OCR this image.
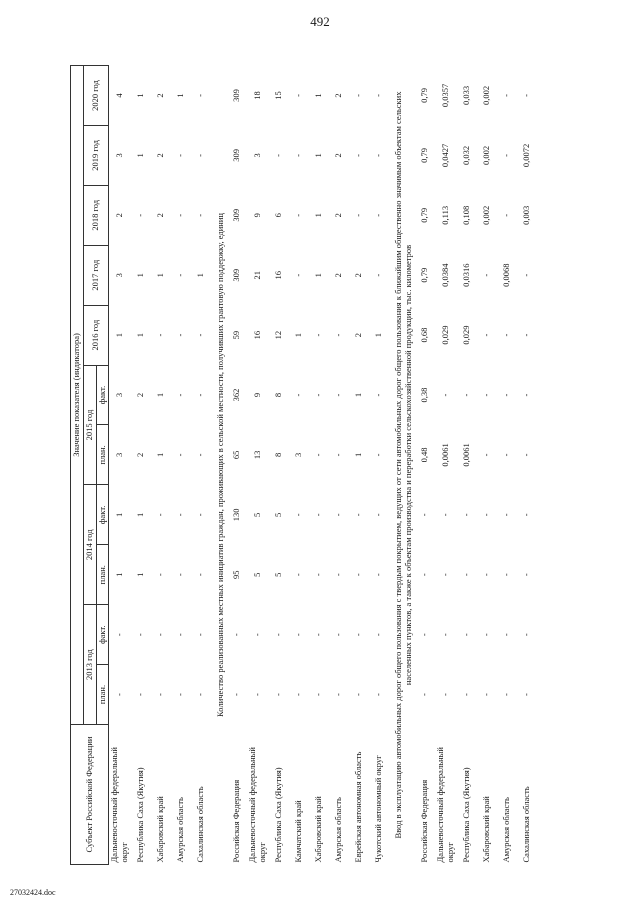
492
Субъект Российской Федерации	Значение показателя (индикатора)										
	2013 год		2014 год		2015 год		2016 год	2017 год	2018 год	2019 год	2020 год
	план.	факт.	план.	факт.	план.	факт.					
Дальневосточный федеральный округ	-	-	1	1	3	3	1	3	2	3	4
Республика Саха (Якутия)	-	-	1	1	2	2	1	1	-	1	1
Хабаровский край	-	-	-	-	1	1	-	1	2	2	2
Амурская область	-	-	-	-	-	-	-	-	-	-	1
Сахалинская область	-	-	-	-	-	-	-	1	-	-	-
Количество реализованных местных инициатив граждан, проживающих в сельской местности, получивших грантовую поддержку, единиц											
Российская Федерация	-	-	95	130	65	362	59	309	309	309	309
Дальневосточный федеральный округ	-	-	5	5	13	9	16	21	9	3	18
Республика Саха (Якутия)	-	-	5	5	8	8	12	16	6	-	15
Камчатский край	-	-	-	-	3	-	1	-	-	-	-
Хабаровский край	-	-	-	-	-	-	-	1	1	1	1
Амурская область	-	-	-	-	-	-	-	2	2	2	2
Еврейская автономная область	-	-	-	-	1	1	2	2	-	-	-
Чукотский автономный округ	-	-	-	-	-	-	1	-	-	-	-
Ввод в эксплуатацию автомобильных дорог общего пользования с твердым покрытием, ведущих от сети автомобильных дорог общего пользования к ближайшим общественно значимым объектам сельских населенных пунктов, а также к объектам производства и переработки сельскохозяйственной продукции, тыс. километров											
Российская Федерация	-	-	-	-	0,48	0,38	0,68	0,79	0,79	0,79	0,79
Дальневосточный федеральный округ	-	-	-	-	0,0061	-	0,029	0,0384	0,113	0,0427	0,0357
Республика Саха (Якутия)	-	-	-	-	0,0061	-	0,029	0,0316	0,108	0,032	0,033
Хабаровский край	-	-	-	-	-	-	-	-	0,002	0,002	0,002
Амурская область	-	-	-	-	-	-	-	0,0068	-	-	-
Сахалинская область	-	-	-	-	-	-	-	-	0,003	0,0072	-
27032424.doc
